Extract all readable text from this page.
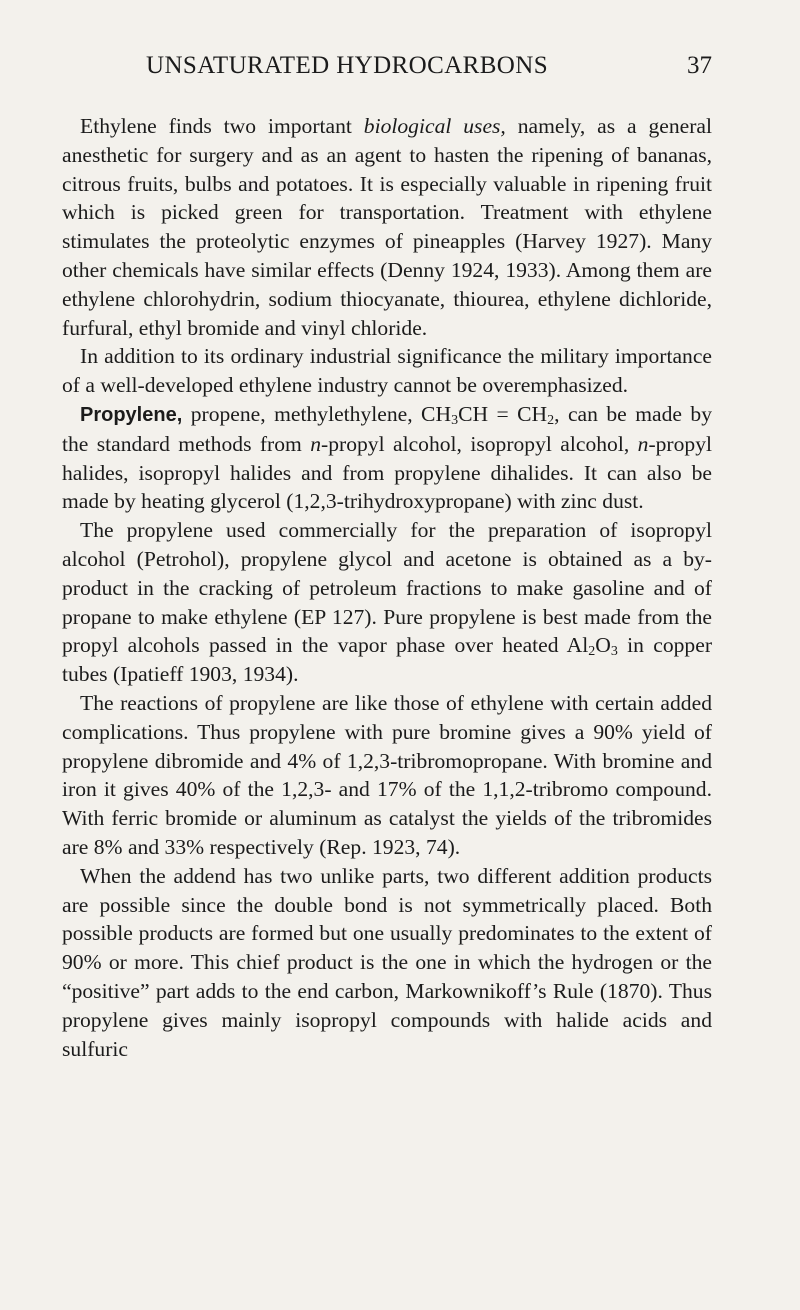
UNSATURATED HYDROCARBONS	37

Ethylene finds two important biological uses, namely, as a general anesthetic for surgery and as an agent to hasten the ripening of bananas, citrous fruits, bulbs and potatoes. It is especially valuable in ripening fruit which is picked green for transportation. Treatment with ethylene stimulates the proteolytic enzymes of pineapples (Harvey 1927). Many other chemicals have similar effects (Denny 1924, 1933). Among them are ethylene chlorohydrin, sodium thiocyanate, thiourea, ethylene dichloride, furfural, ethyl bromide and vinyl chloride.

In addition to its ordinary industrial significance the military importance of a well-developed ethylene industry cannot be overemphasized.

Propylene, propene, methylethylene, $CH_3CH = CH_2$, can be made by the standard methods from n-propyl alcohol, isopropyl alcohol, n-propyl halides, isopropyl halides and from propylene dihalides. It can also be made by heating glycerol (1,2,3-trihydroxypropane) with zinc dust.

The propylene used commercially for the preparation of isopropyl alcohol (Petrohol), propylene glycol and acetone is obtained as a by-product in the cracking of petroleum fractions to make gasoline and of propane to make ethylene (EP 127). Pure propylene is best made from the propyl alcohols passed in the vapor phase over heated $Al_2O_3$ in copper tubes (Ipatieff 1903, 1934).

The reactions of propylene are like those of ethylene with certain added complications. Thus propylene with pure bromine gives a 90% yield of propylene dibromide and 4% of 1,2,3-tribromopropane. With bromine and iron it gives 40% of the 1,2,3- and 17% of the 1,1,2-tribromo compound. With ferric bromide or aluminum as catalyst the yields of the tribromides are 8% and 33% respectively (Rep. 1923, 74).

When the addend has two unlike parts, two different addition products are possible since the double bond is not symmetrically placed. Both possible products are formed but one usually predominates to the extent of 90% or more. This chief product is the one in which the hydrogen or the “positive” part adds to the end carbon, Markownikoff’s Rule (1870). Thus propylene gives mainly isopropyl compounds with halide acids and sulfuric
